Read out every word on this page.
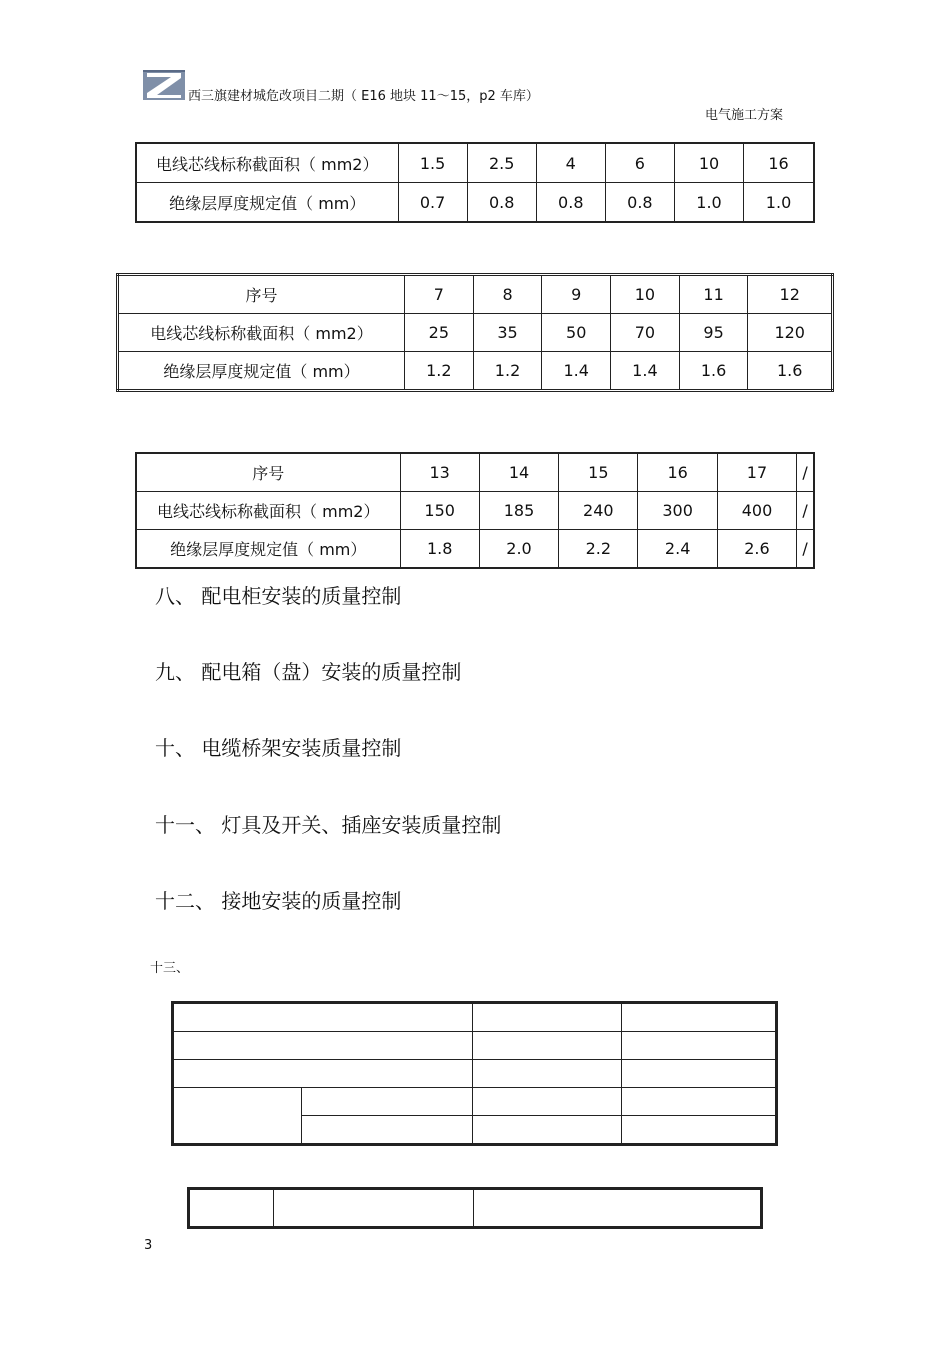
西三旗建材城危改项目二期（ E16 地块 11～15，p2 车库）
电气施工方案
电线芯线标称截面积（ mm2）	1.5	2.5	4	6	10	16
绝缘层厚度规定值（ mm）	0.7	0.8	0.8	0.8	1.0	1.0
序号	7	8	9	10	11	12
电线芯线标称截面积（ mm2）	25	35	50	70	95	120
绝缘层厚度规定值（ mm）	1.2	1.2	1.4	1.4	1.6	1.6
序号	13	14	15	16	17	/
电线芯线标称截面积（ mm2）	150	185	240	300	400	/
绝缘层厚度规定值（ mm）	1.8	2.0	2.2	2.4	2.6	/
八、 配电柜安装的质量控制
九、 配电箱（盘）安装的质量控制
十、 电缆桥架安装质量控制
十一、 灯具及开关、插座安装质量控制
十二、 接地安装的质量控制
十三、

3
